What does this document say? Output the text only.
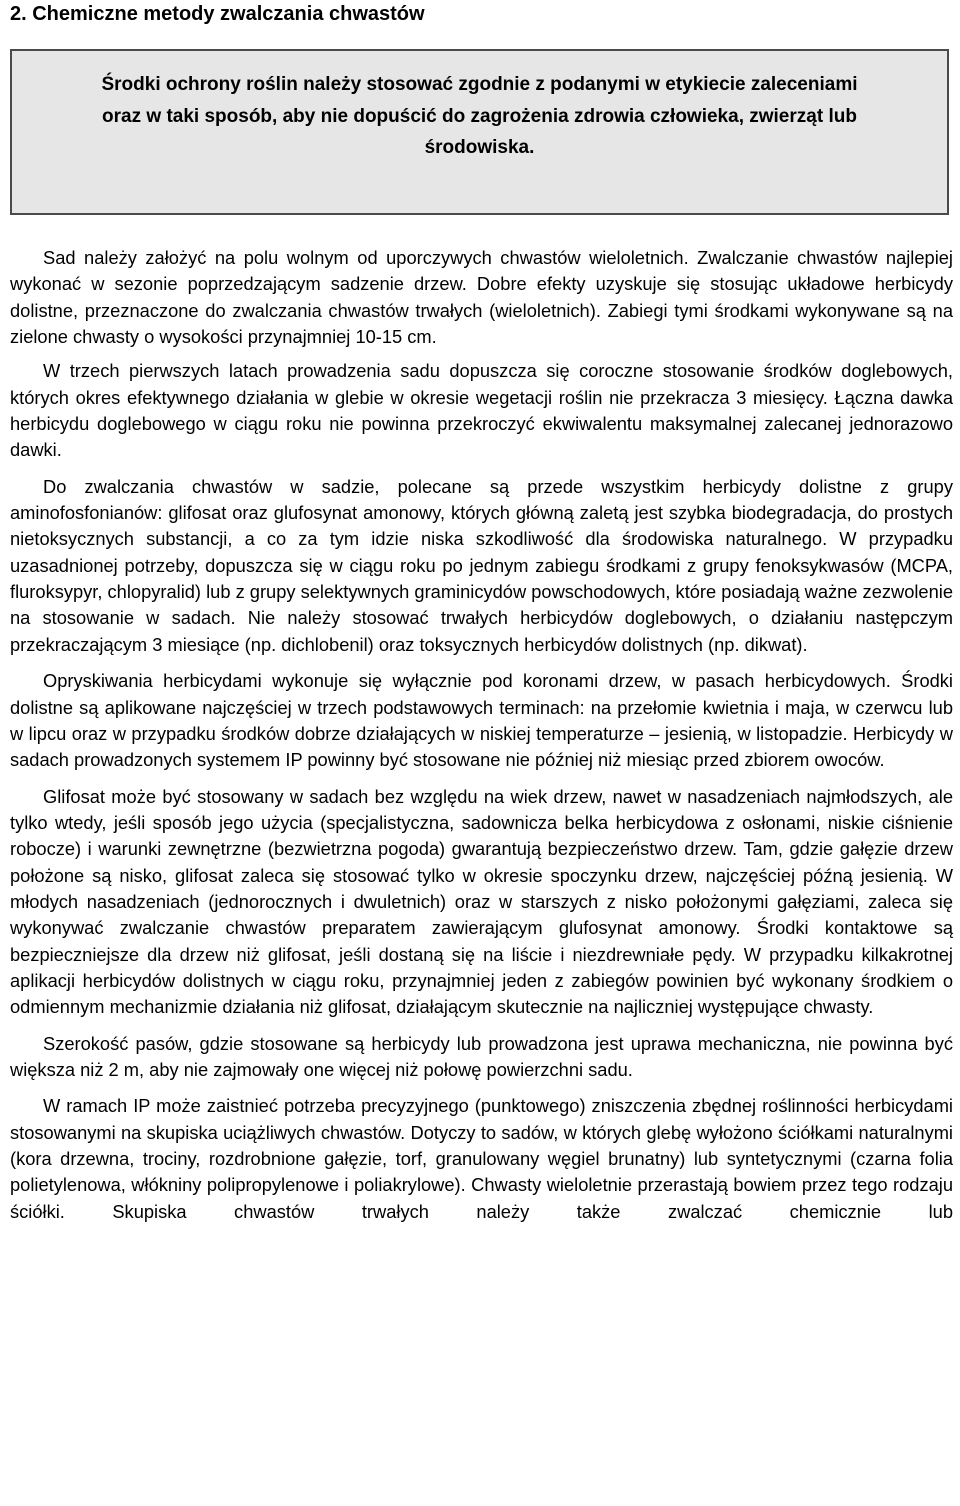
2. Chemiczne metody zwalczania chwastów
Środki ochrony roślin należy stosować zgodnie z podanymi w etykiecie zaleceniami
oraz w taki sposób, aby nie dopuścić do zagrożenia zdrowia człowieka, zwierząt lub
środowiska.

Sad należy założyć na polu wolnym od uporczywych chwastów wieloletnich. Zwalczanie chwastów najlepiej wykonać w sezonie poprzedzającym sadzenie drzew. Dobre efekty uzyskuje się stosując układowe herbicydy dolistne, przeznaczone do zwalczania chwastów trwałych (wieloletnich). Zabiegi tymi środkami wykonywane są na zielone chwasty o wysokości przynajmniej 10-15 cm.

W trzech pierwszych latach prowadzenia sadu dopuszcza się coroczne stosowanie środków doglebowych, których okres efektywnego działania w glebie w okresie wegetacji roślin nie przekracza 3 miesięcy. Łączna dawka herbicydu doglebowego w ciągu roku nie powinna przekroczyć ekwiwalentu maksymalnej zalecanej jednorazowo dawki.

Do zwalczania chwastów w sadzie, polecane są przede wszystkim herbicydy dolistne z grupy aminofosfonianów: glifosat oraz glufosynat amonowy, których główną zaletą jest szybka biodegradacja, do prostych nietoksycznych substancji, a co za tym idzie niska szkodliwość dla środowiska naturalnego. W przypadku uzasadnionej potrzeby, dopuszcza się w ciągu roku po jednym zabiegu środkami z grupy fenoksykwasów (MCPA, fluroksypyr, chlopyralid) lub z grupy selektywnych graminicydów powschodowych, które posiadają ważne zezwolenie na stosowanie w sadach. Nie należy stosować trwałych herbicydów doglebowych, o działaniu następczym przekraczającym 3 miesiące (np. dichlobenil) oraz toksycznych herbicydów dolistnych (np. dikwat).

Opryskiwania herbicydami wykonuje się wyłącznie pod koronami drzew, w pasach herbicydowych. Środki dolistne są aplikowane najczęściej w trzech podstawowych terminach: na przełomie kwietnia i maja, w czerwcu lub w lipcu oraz w przypadku środków dobrze działających w niskiej temperaturze – jesienią, w listopadzie. Herbicydy w sadach prowadzonych systemem IP powinny być stosowane nie później niż miesiąc przed zbiorem owoców.

Glifosat może być stosowany w sadach bez względu na wiek drzew, nawet w nasadzeniach najmłodszych, ale tylko wtedy, jeśli sposób jego użycia (specjalistyczna, sadownicza belka herbicydowa z osłonami, niskie ciśnienie robocze) i warunki zewnętrzne (bezwietrzna pogoda) gwarantują bezpieczeństwo drzew. Tam, gdzie gałęzie drzew położone są nisko, glifosat zaleca się stosować tylko w okresie spoczynku drzew, najczęściej późną jesienią. W młodych nasadzeniach (jednorocznych i dwuletnich) oraz w starszych z nisko położonymi gałęziami, zaleca się wykonywać zwalczanie chwastów preparatem zawierającym glufosynat amonowy. Środki kontaktowe są bezpieczniejsze dla drzew niż glifosat, jeśli dostaną się na liście i niezdrewniałe pędy. W przypadku kilkakrotnej aplikacji herbicydów dolistnych w ciągu roku, przynajmniej jeden z zabiegów powinien być wykonany środkiem o odmiennym mechanizmie działania niż glifosat, działającym skutecznie na najliczniej występujące chwasty.

Szerokość pasów, gdzie stosowane są herbicydy lub prowadzona jest uprawa mechaniczna, nie powinna być większa niż 2 m, aby nie zajmowały one więcej niż połowę powierzchni sadu.

W ramach IP może zaistnieć potrzeba precyzyjnego (punktowego) zniszczenia zbędnej roślinności herbicydami stosowanymi na skupiska uciążliwych chwastów. Dotyczy to sadów, w których glebę wyłożono ściółkami naturalnymi (kora drzewna, trociny, rozdrobnione gałęzie, torf, granulowany węgiel brunatny) lub syntetycznymi (czarna folia polietylenowa, włókniny polipropylenowe i poliakrylowe). Chwasty wieloletnie przerastają bowiem przez tego rodzaju ściółki. Skupiska chwastów trwałych należy także zwalczać chemicznie lub
